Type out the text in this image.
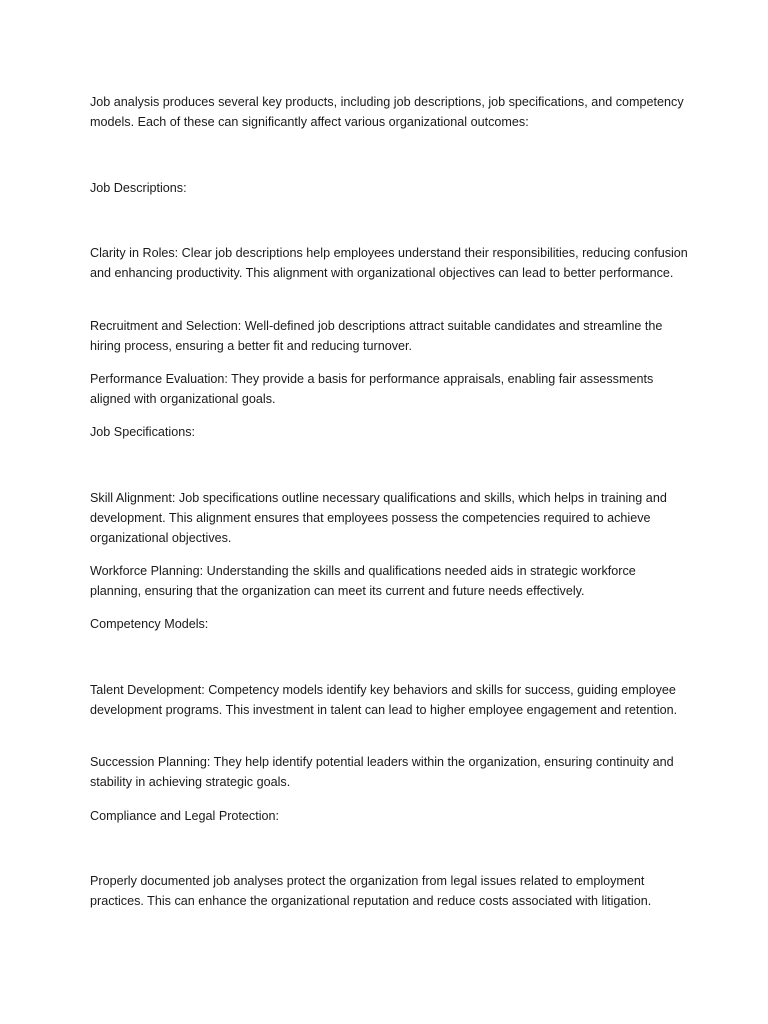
Job analysis produces several key products, including job descriptions, job specifications, and competency models. Each of these can significantly affect various organizational outcomes:

Job Descriptions:

Clarity in Roles: Clear job descriptions help employees understand their responsibilities, reducing confusion and enhancing productivity. This alignment with organizational objectives can lead to better performance.

Recruitment and Selection: Well-defined job descriptions attract suitable candidates and streamline the hiring process, ensuring a better fit and reducing turnover.

Performance Evaluation: They provide a basis for performance appraisals, enabling fair assessments aligned with organizational goals.

Job Specifications:

Skill Alignment: Job specifications outline necessary qualifications and skills, which helps in training and development. This alignment ensures that employees possess the competencies required to achieve organizational objectives.

Workforce Planning: Understanding the skills and qualifications needed aids in strategic workforce planning, ensuring that the organization can meet its current and future needs effectively.

Competency Models:

Talent Development: Competency models identify key behaviors and skills for success, guiding employee development programs. This investment in talent can lead to higher employee engagement and retention.

Succession Planning: They help identify potential leaders within the organization, ensuring continuity and stability in achieving strategic goals.

Compliance and Legal Protection:

Properly documented job analyses protect the organization from legal issues related to employment practices. This can enhance the organizational reputation and reduce costs associated with litigation.
